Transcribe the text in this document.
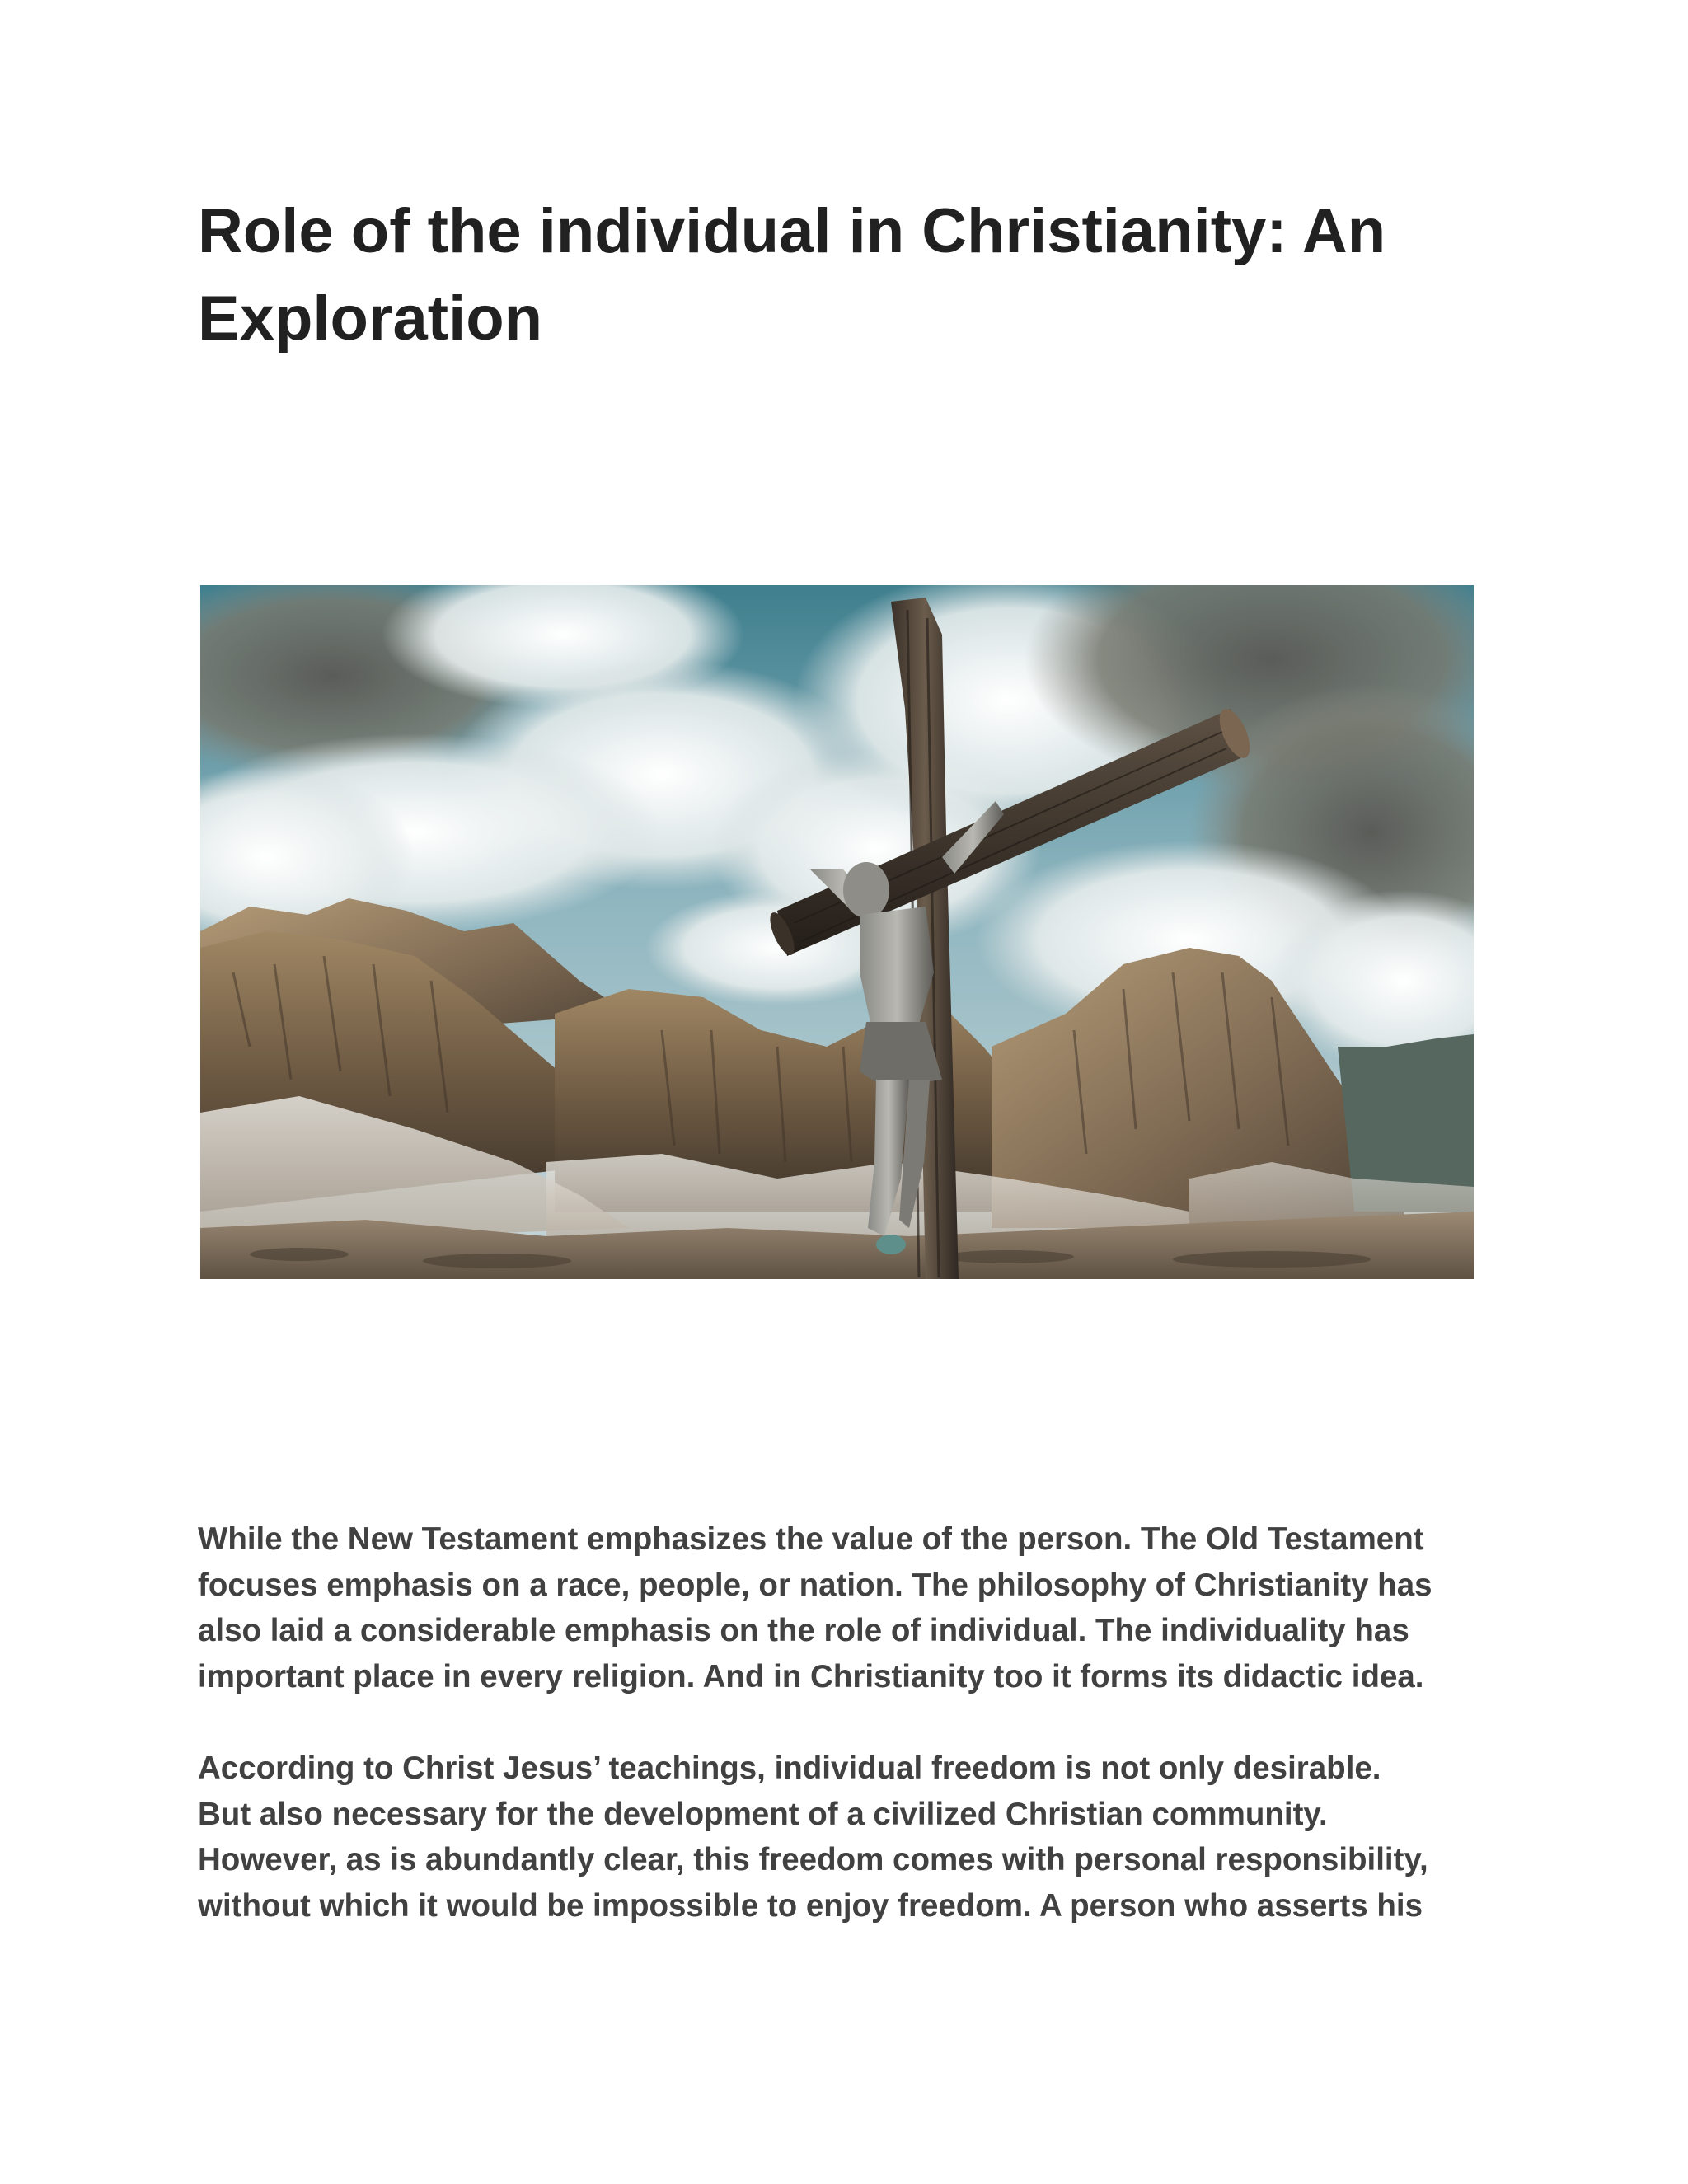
Role of the individual in Christianity: An Exploration

While the New Testament emphasizes the value of the person. The Old Testament
focuses emphasis on a race, people, or nation. The philosophy of Christianity has
also laid a considerable emphasis on the role of individual. The individuality has
important place in every religion. And in Christianity too it forms its didactic idea.

According to Christ Jesus’ teachings, individual freedom is not only desirable.
But also necessary for the development of a civilized Christian community.
However, as is abundantly clear, this freedom comes with personal responsibility,
without which it would be impossible to enjoy freedom. A person who asserts his
